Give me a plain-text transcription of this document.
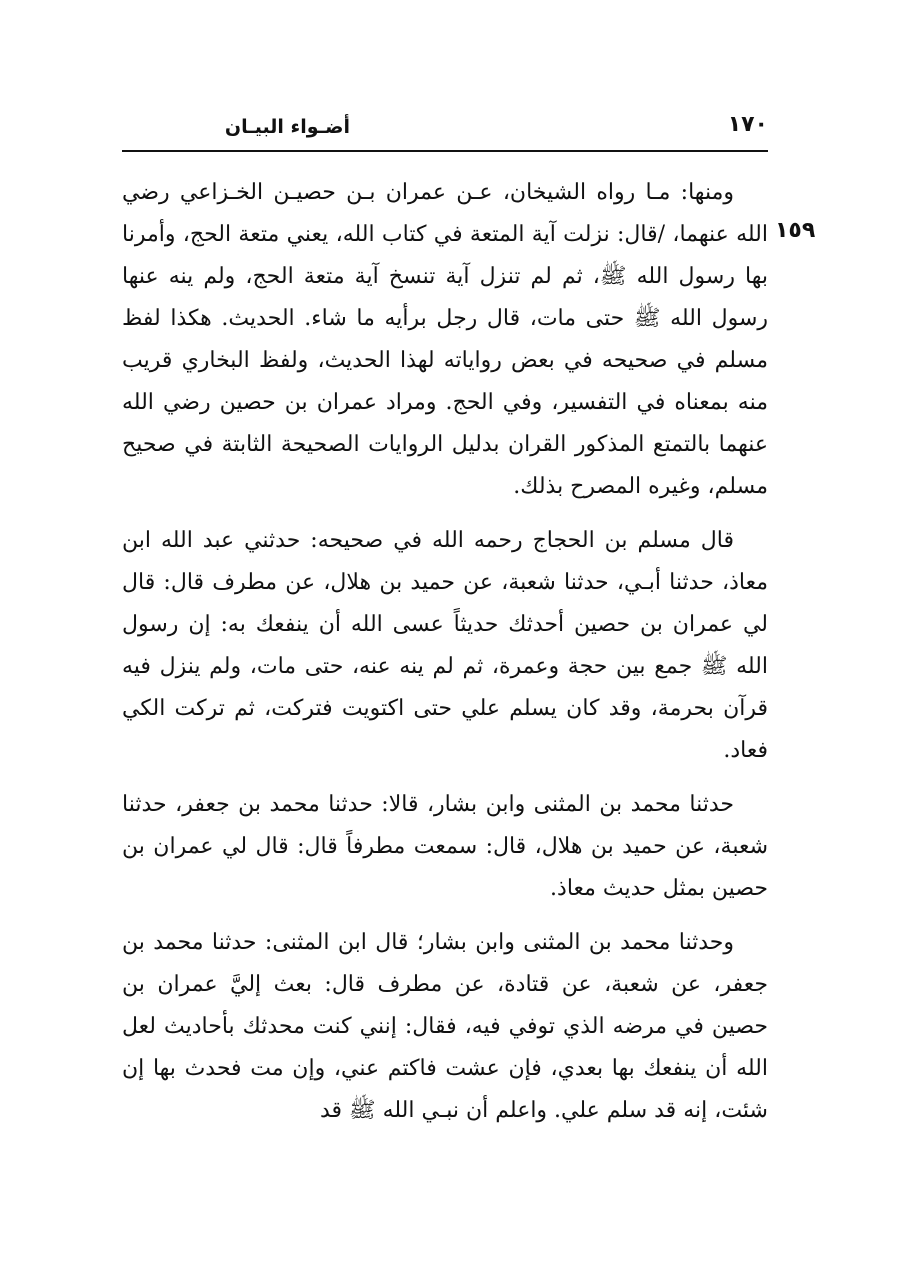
أضـواء البيـان	١٧٠
١٥٩

ومنها: مـا رواه الشيخان، عـن عمران بـن حصيـن الخـزاعي رضي الله عنهما، /قال: نزلت آية المتعة في كتاب الله، يعني متعة الحج، وأمرنا بها رسول الله ﷺ، ثم لم تنزل آية تنسخ آية متعة الحج، ولم ينه عنها رسول الله ﷺ حتى مات، قال رجل برأيه ما شاء. الحديث. هكذا لفظ مسلم في صحيحه في بعض رواياته لهذا الحديث، ولفظ البخاري قريب منه بمعناه في التفسير، وفي الحج. ومراد عمران بن حصين رضي الله عنهما بالتمتع المذكور القران بدليل الروايات الصحيحة الثابتة في صحيح مسلم، وغيره المصرح بذلك.

قال مسلم بن الحجاج رحمه الله في صحيحه: حدثني عبد الله ابن معاذ، حدثنا أبـي، حدثنا شعبة، عن حميد بن هلال، عن مطرف قال: قال لي عمران بن حصين أحدثك حديثاً عسى الله أن ينفعك به: إن رسول الله ﷺ جمع بين حجة وعمرة، ثم لم ينه عنه، حتى مات، ولم ينزل فيه قرآن بحرمة، وقد كان يسلم علي حتى اكتويت فتركت، ثم تركت الكي فعاد.

حدثنا محمد بن المثنى وابن بشار، قالا: حدثنا محمد بن جعفر، حدثنا شعبة، عن حميد بن هلال، قال: سمعت مطرفاً قال: قال لي عمران بن حصين بمثل حديث معاذ.

وحدثنا محمد بن المثنى وابن بشار؛ قال ابن المثنى: حدثنا محمد بن جعفر، عن شعبة، عن قتادة، عن مطرف قال: بعث إليَّ عمران بن حصين في مرضه الذي توفي فيه، فقال: إنني كنت محدثك بأحاديث لعل الله أن ينفعك بها بعدي، فإن عشت فاكتم عني، وإن مت فحدث بها إن شئت، إنه قد سلم علي. واعلم أن نبـي الله ﷺ قد
